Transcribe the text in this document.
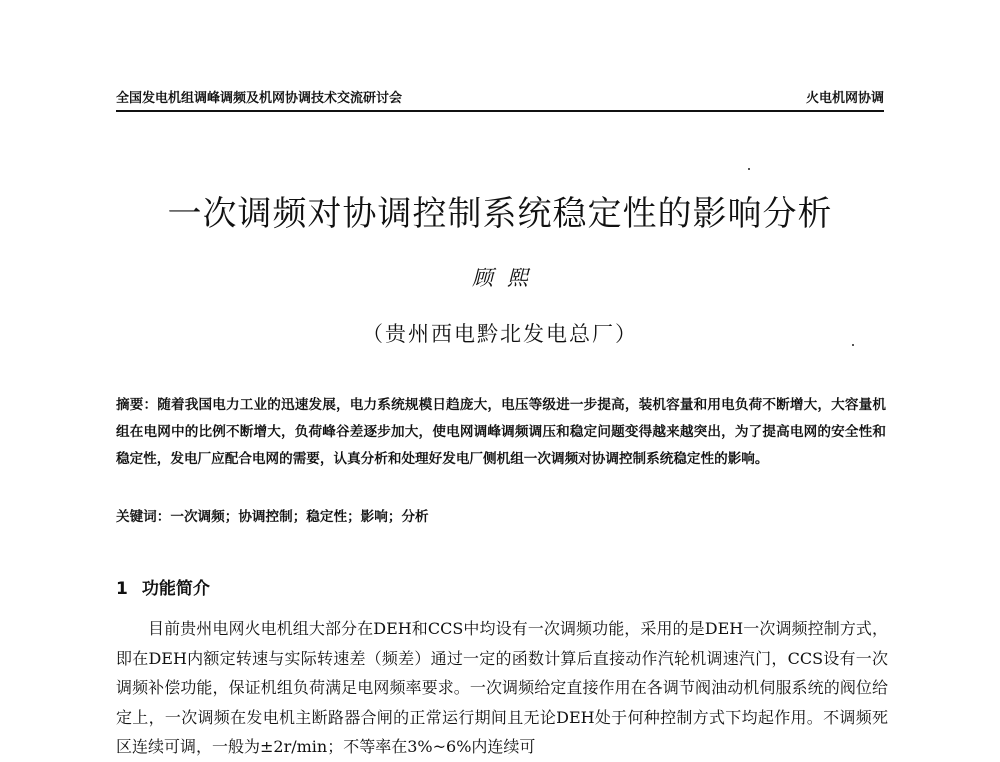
全国发电机组调峰调频及机网协调技术交流研讨会	火电机网协调
一次调频对协调控制系统稳定性的影响分析
顾熙
（贵州西电黔北发电总厂）
摘要：随着我国电力工业的迅速发展，电力系统规模日趋庞大，电压等级进一步提高，装机容量和用电负荷不断增大，大容量机组在电网中的比例不断增大，负荷峰谷差逐步加大，使电网调峰调频调压和稳定问题变得越来越突出，为了提高电网的安全性和稳定性，发电厂应配合电网的需要，认真分析和处理好发电厂侧机组一次调频对协调控制系统稳定性的影响。
关键词：一次调频；协调控制；稳定性；影响；分析
1 功能简介
目前贵州电网火电机组大部分在DEH和CCS中均设有一次调频功能，采用的是DEH一次调频控制方式，即在DEH内额定转速与实际转速差（频差）通过一定的函数计算后直接动作汽轮机调速汽门，CCS设有一次调频补偿功能，保证机组负荷满足电网频率要求。一次调频给定直接作用在各调节阀油动机伺服系统的阀位给定上，一次调频在发电机主断路器合闸的正常运行期间且无论DEH处于何种控制方式下均起作用。不调频死区连续可调，一般为±2r/min；不等率在3%~6%内连续可
